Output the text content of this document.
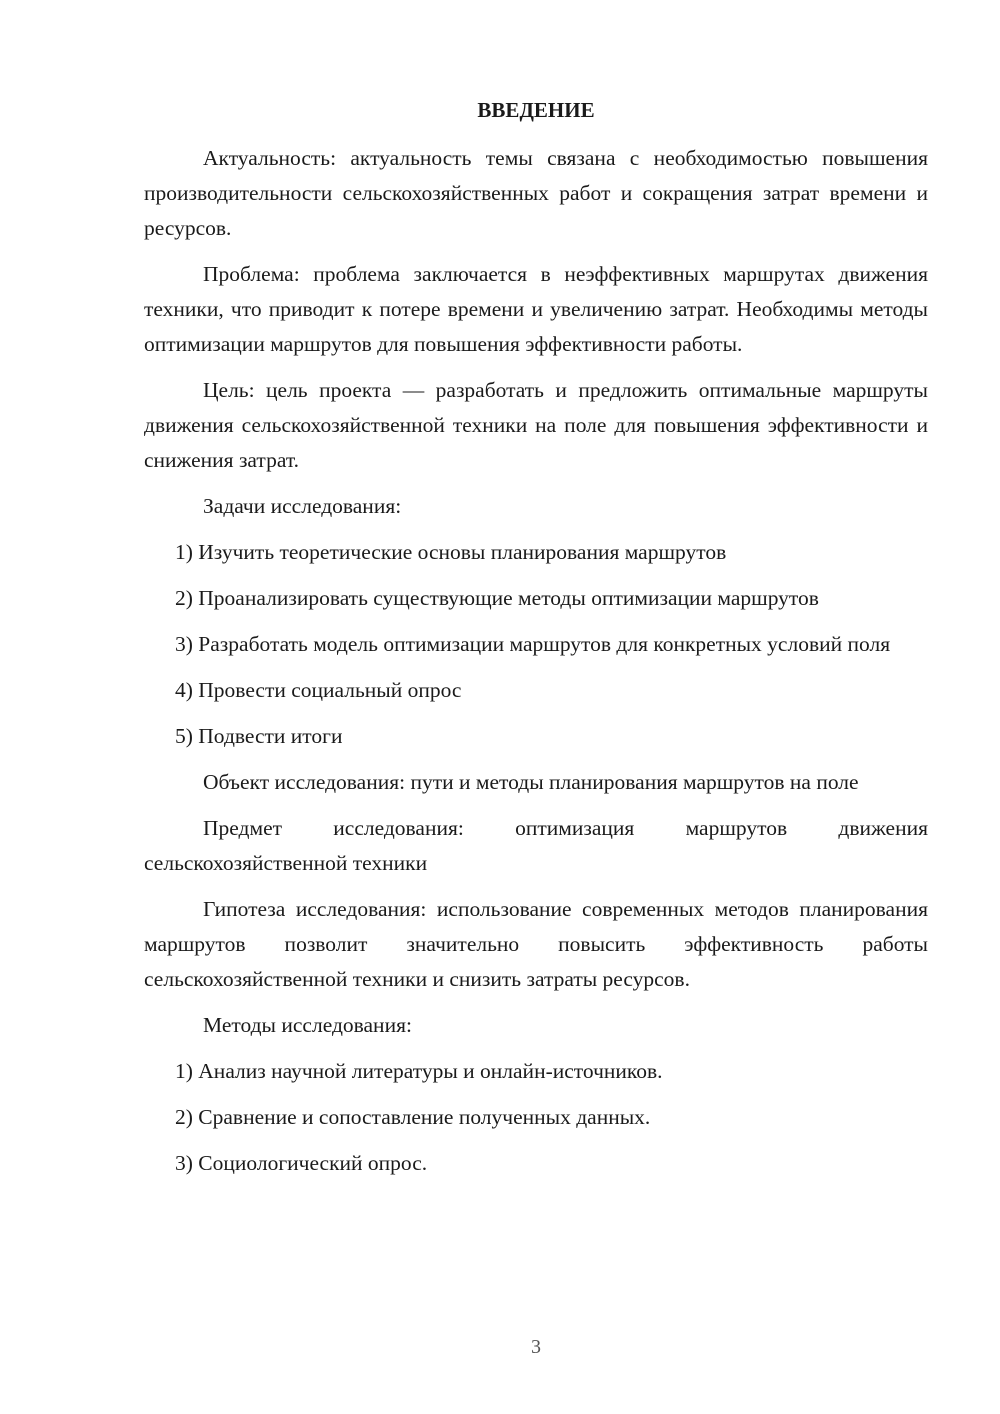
ВВЕДЕНИЕ

Актуальность: актуальность темы связана с необходимостью повышения производительности сельскохозяйственных работ и сокращения затрат времени и ресурсов.

Проблема: проблема заключается в неэффективных маршрутах движения техники, что приводит к потере времени и увеличению затрат. Необходимы методы оптимизации маршрутов для повышения эффективности работы.

Цель: цель проекта — разработать и предложить оптимальные маршруты движения сельскохозяйственной техники на поле для повышения эффективности и снижения затрат.

Задачи исследования:

1) Изучить теоретические основы планирования маршрутов

2) Проанализировать существующие методы оптимизации маршрутов

3) Разработать модель оптимизации маршрутов для конкретных условий поля

4) Провести социальный опрос

5) Подвести итоги

Объект исследования: пути и методы планирования маршрутов на поле

Предмет исследования: оптимизация маршрутов движения сельскохозяйственной техники

Гипотеза исследования: использование современных методов планирования маршрутов позволит значительно повысить эффективность работы сельскохозяйственной техники и снизить затраты ресурсов.

Методы исследования:

1) Анализ научной литературы и онлайн-источников.

2) Сравнение и сопоставление полученных данных.

3) Социологический опрос.

3
